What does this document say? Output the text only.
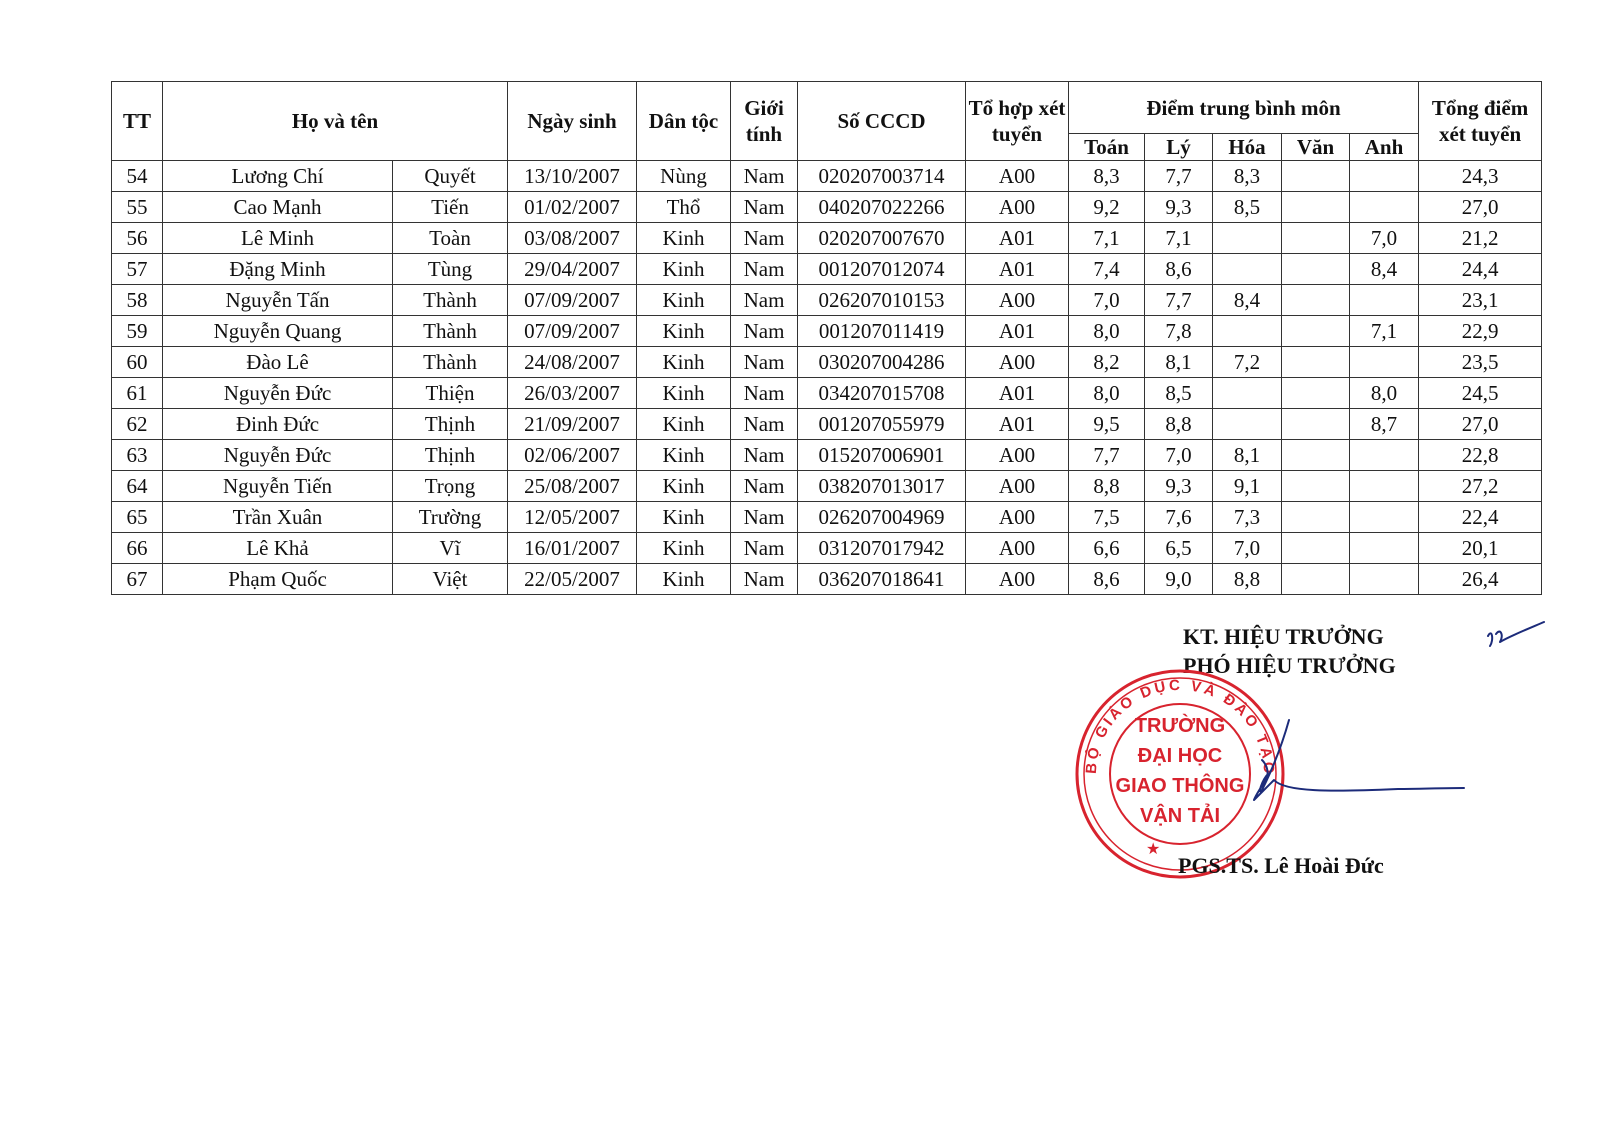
TT	Họ và tên		Ngày sinh	Dân tộc	Giới tính	Số CCCD	Tổ hợp xét tuyển	Điểm trung bình môn					Tổng điểm xét tuyển
								Toán	Lý	Hóa	Văn	Anh	
54	Lương Chí	Quyết	13/10/2007	Nùng	Nam	020207003714	A00	8,3	7,7	8,3			24,3
55	Cao Mạnh	Tiến	01/02/2007	Thổ	Nam	040207022266	A00	9,2	9,3	8,5			27,0
56	Lê Minh	Toàn	03/08/2007	Kinh	Nam	020207007670	A01	7,1	7,1			7,0	21,2
57	Đặng Minh	Tùng	29/04/2007	Kinh	Nam	001207012074	A01	7,4	8,6			8,4	24,4
58	Nguyễn Tấn	Thành	07/09/2007	Kinh	Nam	026207010153	A00	7,0	7,7	8,4			23,1
59	Nguyễn Quang	Thành	07/09/2007	Kinh	Nam	001207011419	A01	8,0	7,8			7,1	22,9
60	Đào Lê	Thành	24/08/2007	Kinh	Nam	030207004286	A00	8,2	8,1	7,2			23,5
61	Nguyễn Đức	Thiện	26/03/2007	Kinh	Nam	034207015708	A01	8,0	8,5			8,0	24,5
62	Đinh Đức	Thịnh	21/09/2007	Kinh	Nam	001207055979	A01	9,5	8,8			8,7	27,0
63	Nguyễn Đức	Thịnh	02/06/2007	Kinh	Nam	015207006901	A00	7,7	7,0	8,1			22,8
64	Nguyễn Tiến	Trọng	25/08/2007	Kinh	Nam	038207013017	A00	8,8	9,3	9,1			27,2
65	Trần Xuân	Trường	12/05/2007	Kinh	Nam	026207004969	A00	7,5	7,6	7,3			22,4
66	Lê Khả	Vĩ	16/01/2007	Kinh	Nam	031207017942	A00	6,6	6,5	7,0			20,1
67	Phạm Quốc	Việt	22/05/2007	Kinh	Nam	036207018641	A00	8,6	9,0	8,8			26,4
KT. HIỆU TRƯỞNG
PHÓ HIỆU TRƯỞNG
BỘ GIÁO DỤC VÀ ĐÀO TẠO
TRƯỜNG
ĐẠI HỌC
GIAO THÔNG
VẬN TẢI
★
PGS.TS. Lê Hoài Đức
